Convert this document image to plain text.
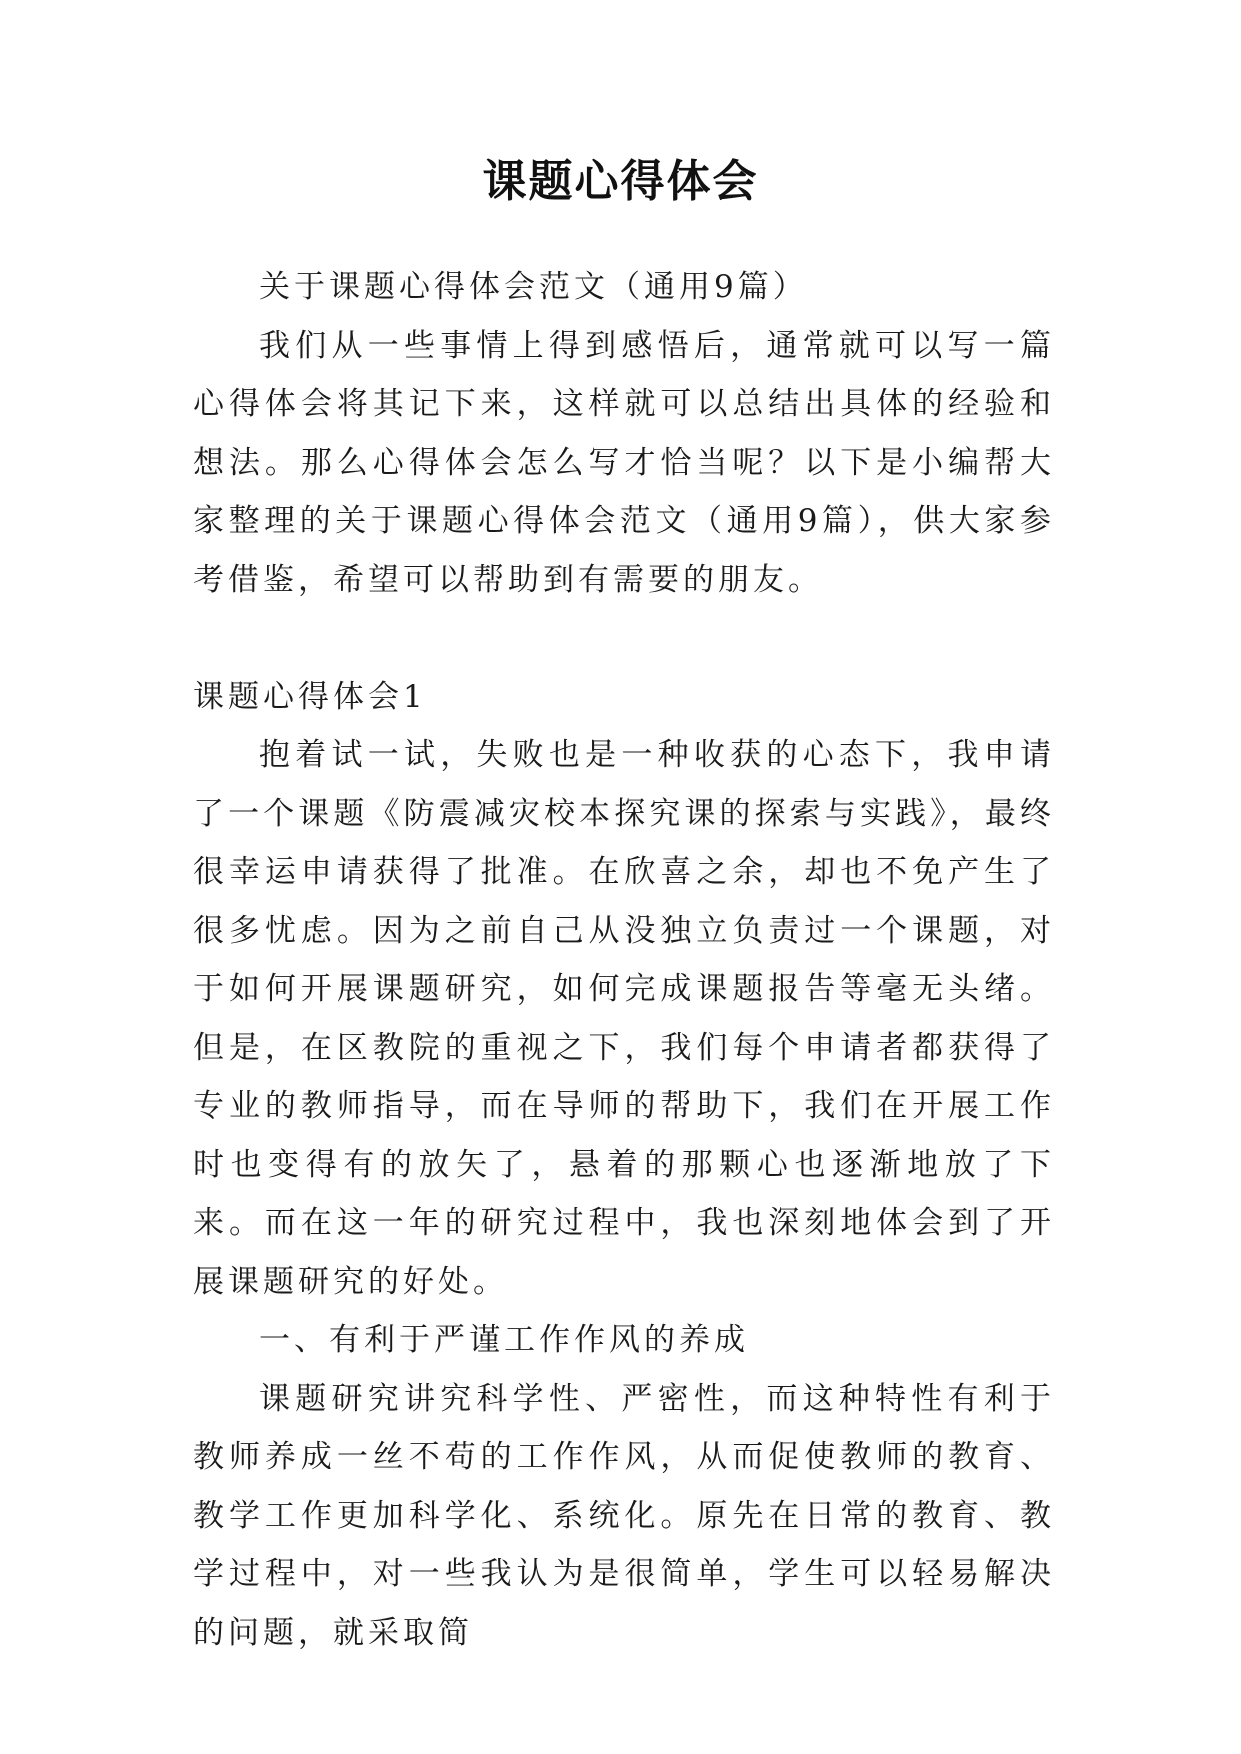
课题心得体会

关于课题心得体会范文（通用9篇）

我们从一些事情上得到感悟后，通常就可以写一篇心得体会将其记下来，这样就可以总结出具体的经验和想法。那么心得体会怎么写才恰当呢？以下是小编帮大家整理的关于课题心得体会范文（通用9篇），供大家参考借鉴，希望可以帮助到有需要的朋友。

课题心得体会1

抱着试一试，失败也是一种收获的心态下，我申请了一个课题《防震减灾校本探究课的探索与实践》，最终很幸运申请获得了批准。在欣喜之余，却也不免产生了很多忧虑。因为之前自己从没独立负责过一个课题，对于如何开展课题研究，如何完成课题报告等毫无头绪。但是，在区教院的重视之下，我们每个申请者都获得了专业的教师指导，而在导师的帮助下，我们在开展工作时也变得有的放矢了，悬着的那颗心也逐渐地放了下来。而在这一年的研究过程中，我也深刻地体会到了开展课题研究的好处。

一、有利于严谨工作作风的养成

课题研究讲究科学性、严密性，而这种特性有利于教师养成一丝不苟的工作作风，从而促使教师的教育、教学工作更加科学化、系统化。原先在日常的教育、教学过程中，对一些我认为是很简单，学生可以轻易解决的问题，就采取简
